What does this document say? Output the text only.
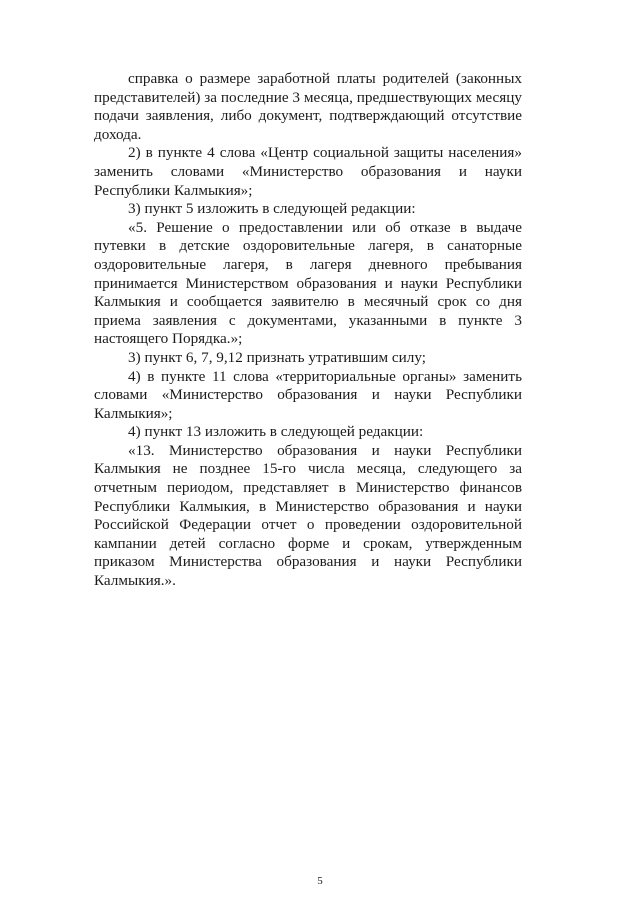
справка о размере заработной платы родителей (законных представителей) за последние 3 месяца, предшествующих месяцу подачи заявления, либо документ, подтверждающий отсутствие дохода.

2) в пункте 4 слова «Центр социальной защиты населения» заменить словами «Министерство образования и науки Республики Калмыкия»;

3) пункт 5 изложить в следующей редакции:

«5. Решение о предоставлении или об отказе в выдаче путевки в детские оздоровительные лагеря, в санаторные оздоровительные лагеря, в лагеря дневного пребывания принимается Министерством образования и науки Республики Калмыкия и сообщается заявителю в месячный срок со дня приема заявления с документами, указанными в пункте 3 настоящего Порядка.»;

3) пункт 6, 7, 9,12 признать утратившим силу;

4) в пункте 11 слова «территориальные органы» заменить словами «Министерство образования и науки Республики Калмыкия»;

4) пункт 13 изложить в следующей редакции:

«13. Министерство образования и науки Республики Калмыкия не позднее 15-го числа месяца, следующего за отчетным периодом, представляет в Министерство финансов Республики Калмыкия, в Министерство образования и науки Российской Федерации отчет о проведении оздоровительной кампании детей согласно форме и срокам, утвержденным приказом Министерства образования и науки Республики Калмыкия.».

5
